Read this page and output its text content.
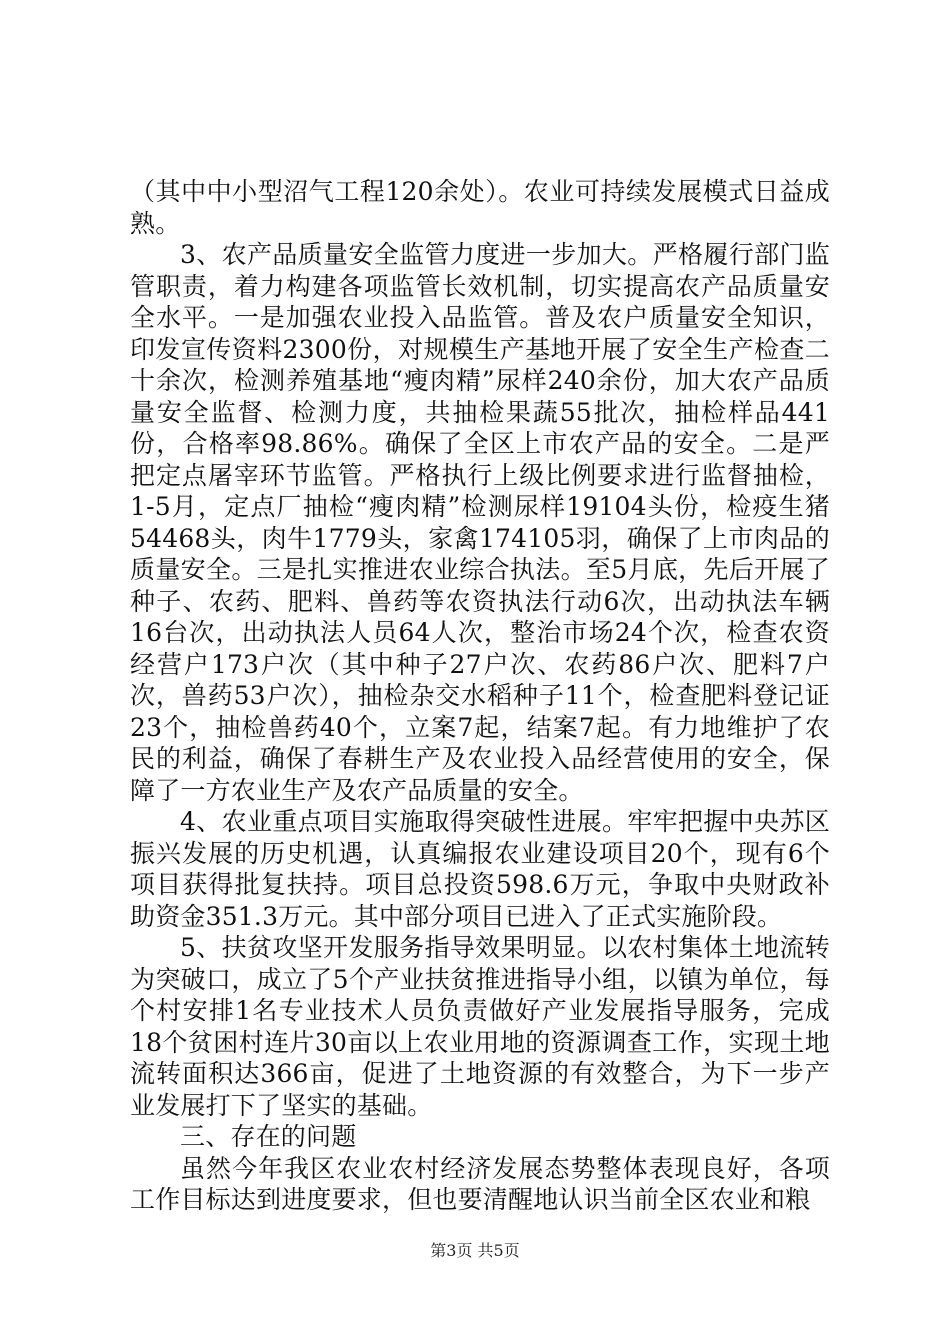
（其中中小型沼气工程120余处）。农业可持续发展模式日益成熟。

3、农产品质量安全监管力度进一步加大。严格履行部门监管职责，着力构建各项监管长效机制，切实提高农产品质量安全水平。一是加强农业投入品监管。普及农户质量安全知识，印发宣传资料2300份，对规模生产基地开展了安全生产检查二十余次，检测养殖基地“瘦肉精”尿样240余份，加大农产品质量安全监督、检测力度，共抽检果蔬55批次，抽检样品441份，合格率98.86%。确保了全区上市农产品的安全。二是严把定点屠宰环节监管。严格执行上级比例要求进行监督抽检，1-5月，定点厂抽检“瘦肉精”检测尿样19104头份，检疫生猪54468头，肉牛1779头，家禽174105羽，确保了上市肉品的质量安全。三是扎实推进农业综合执法。至5月底，先后开展了种子、农药、肥料、兽药等农资执法行动6次，出动执法车辆16台次，出动执法人员64人次，整治市场24个次，检查农资经营户173户次（其中种子27户次、农药86户次、肥料7户次，兽药53户次），抽检杂交水稻种子11个，检查肥料登记证23个，抽检兽药40个，立案7起，结案7起。有力地维护了农民的利益，确保了春耕生产及农业投入品经营使用的安全，保障了一方农业生产及农产品质量的安全。

4、农业重点项目实施取得突破性进展。牢牢把握中央苏区振兴发展的历史机遇，认真编报农业建设项目20个，现有6个项目获得批复扶持。项目总投资598.6万元，争取中央财政补助资金351.3万元。其中部分项目已进入了正式实施阶段。

5、扶贫攻坚开发服务指导效果明显。以农村集体土地流转为突破口，成立了5个产业扶贫推进指导小组，以镇为单位，每个村安排1名专业技术人员负责做好产业发展指导服务，完成18个贫困村连片30亩以上农业用地的资源调查工作，实现土地流转面积达366亩，促进了土地资源的有效整合，为下一步产业发展打下了坚实的基础。

三、存在的问题

虽然今年我区农业农村经济发展态势整体表现良好，各项工作目标达到进度要求，但也要清醒地认识当前全区农业和粮

第3页 共5页
